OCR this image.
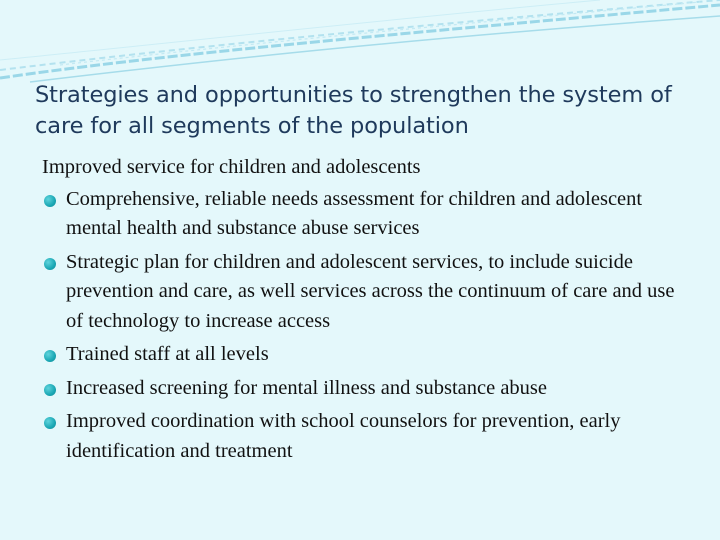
Strategies and opportunities to strengthen the system of care for all segments of the population

Improved service for children and adolescents

Comprehensive, reliable needs assessment for children and adolescent mental health and substance abuse services
Strategic plan for children and adolescent services, to include suicide prevention and care, as well services across the continuum of care and use of technology to increase access
Trained staff at all levels
Increased screening for mental illness and substance abuse
Improved coordination with school counselors for prevention, early identification and treatment
